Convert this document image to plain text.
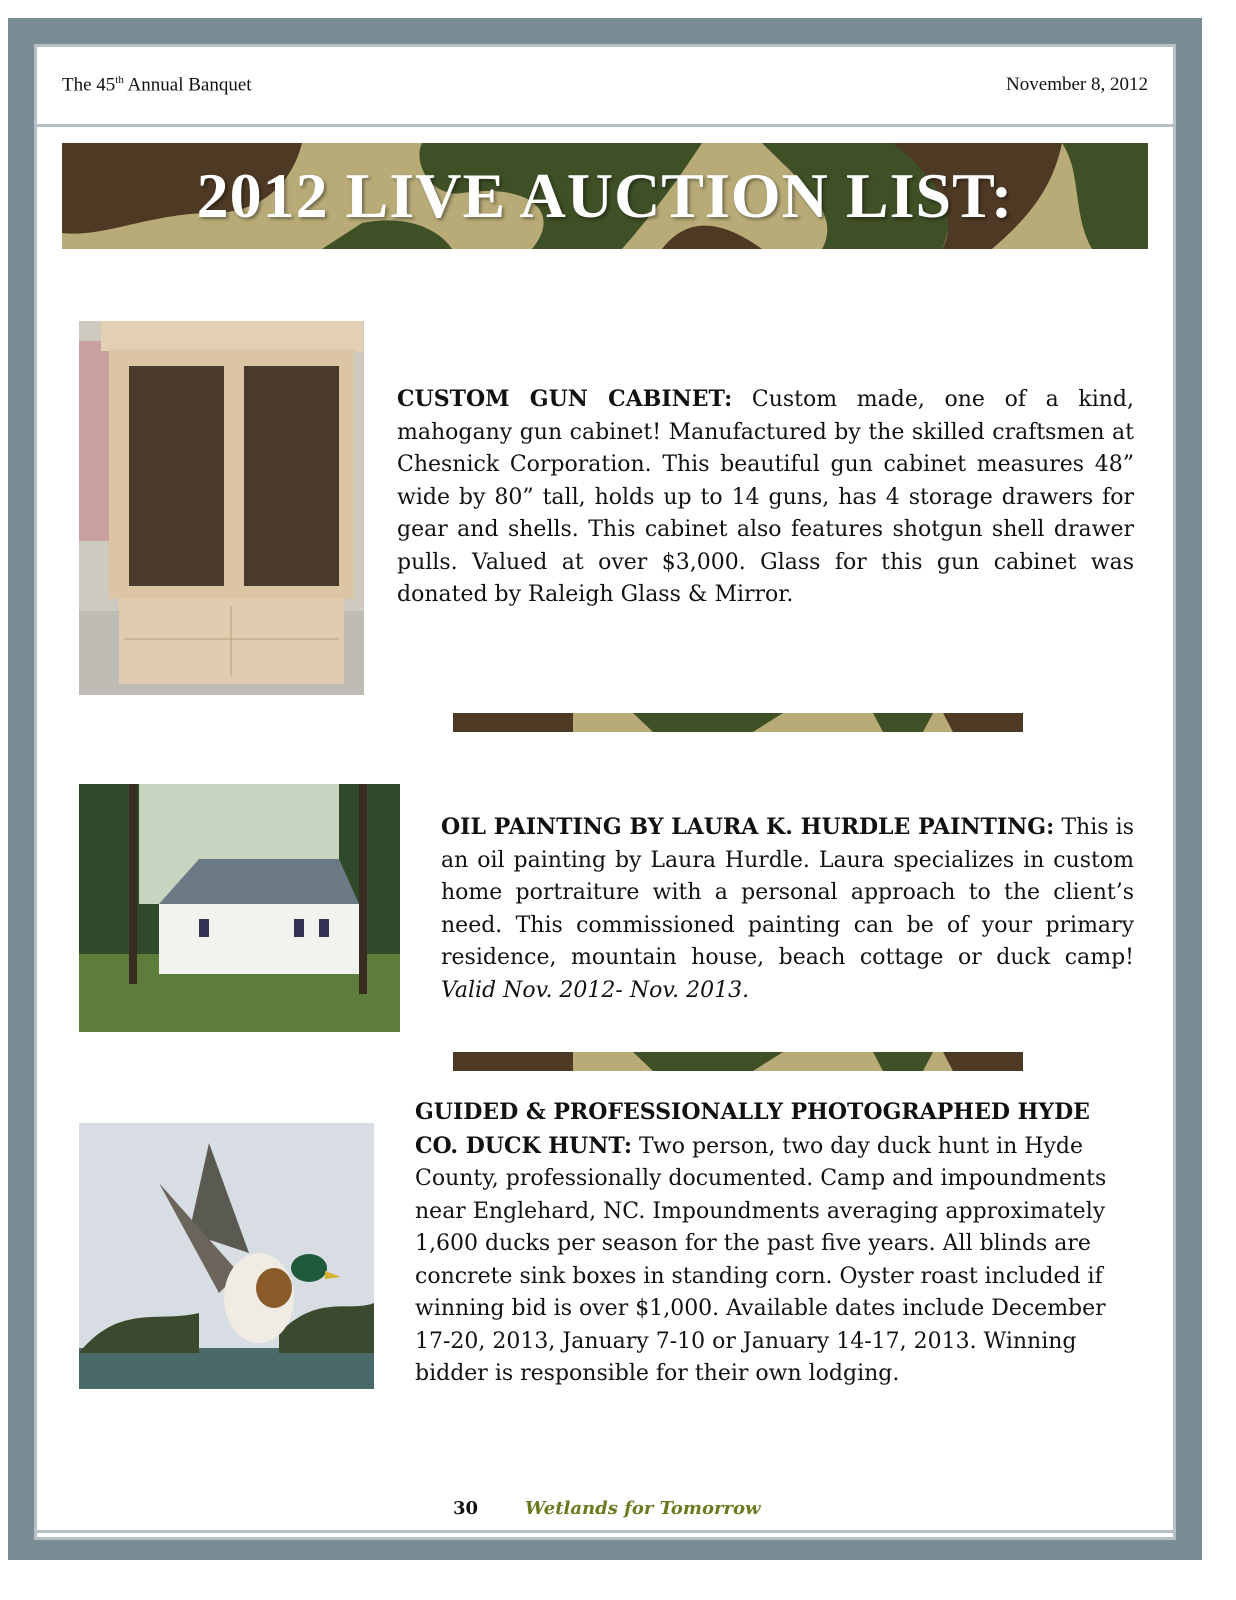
The 45th Annual Banquet	November 8, 2012
2012 LIVE AUCTION LIST:
CUSTOM GUN CABINET: Custom made, one of a kind, mahogany gun cabinet! Manufactured by the skilled craftsmen at Chesnick Corporation. This beautiful gun cabinet measures 48” wide by 80” tall, holds up to 14 guns, has 4 storage drawers for gear and shells. This cabinet also features shotgun shell drawer pulls. Valued at over $3,000. Glass for this gun cabinet was donated by Raleigh Glass & Mirror.
OIL PAINTING BY LAURA K. HURDLE PAINTING: This is an oil painting by Laura Hurdle. Laura specializes in custom home portraiture with a personal approach to the client’s need. This commissioned painting can be of your primary residence, mountain house, beach cottage or duck camp! Valid Nov. 2012- Nov. 2013.
GUIDED & PROFESSIONALLY PHOTOGRAPHED HYDE CO. DUCK HUNT: Two person, two day duck hunt in Hyde County, professionally documented. Camp and impoundments near Englehard, NC. Impoundments averaging approximately 1,600 ducks per season for the past five years. All blinds are concrete sink boxes in standing corn. Oyster roast included if winning bid is over $1,000. Available dates include December 17-20, 2013, January 7-10 or January 14-17, 2013. Winning bidder is responsible for their own lodging.
30	Wetlands for Tomorrow
